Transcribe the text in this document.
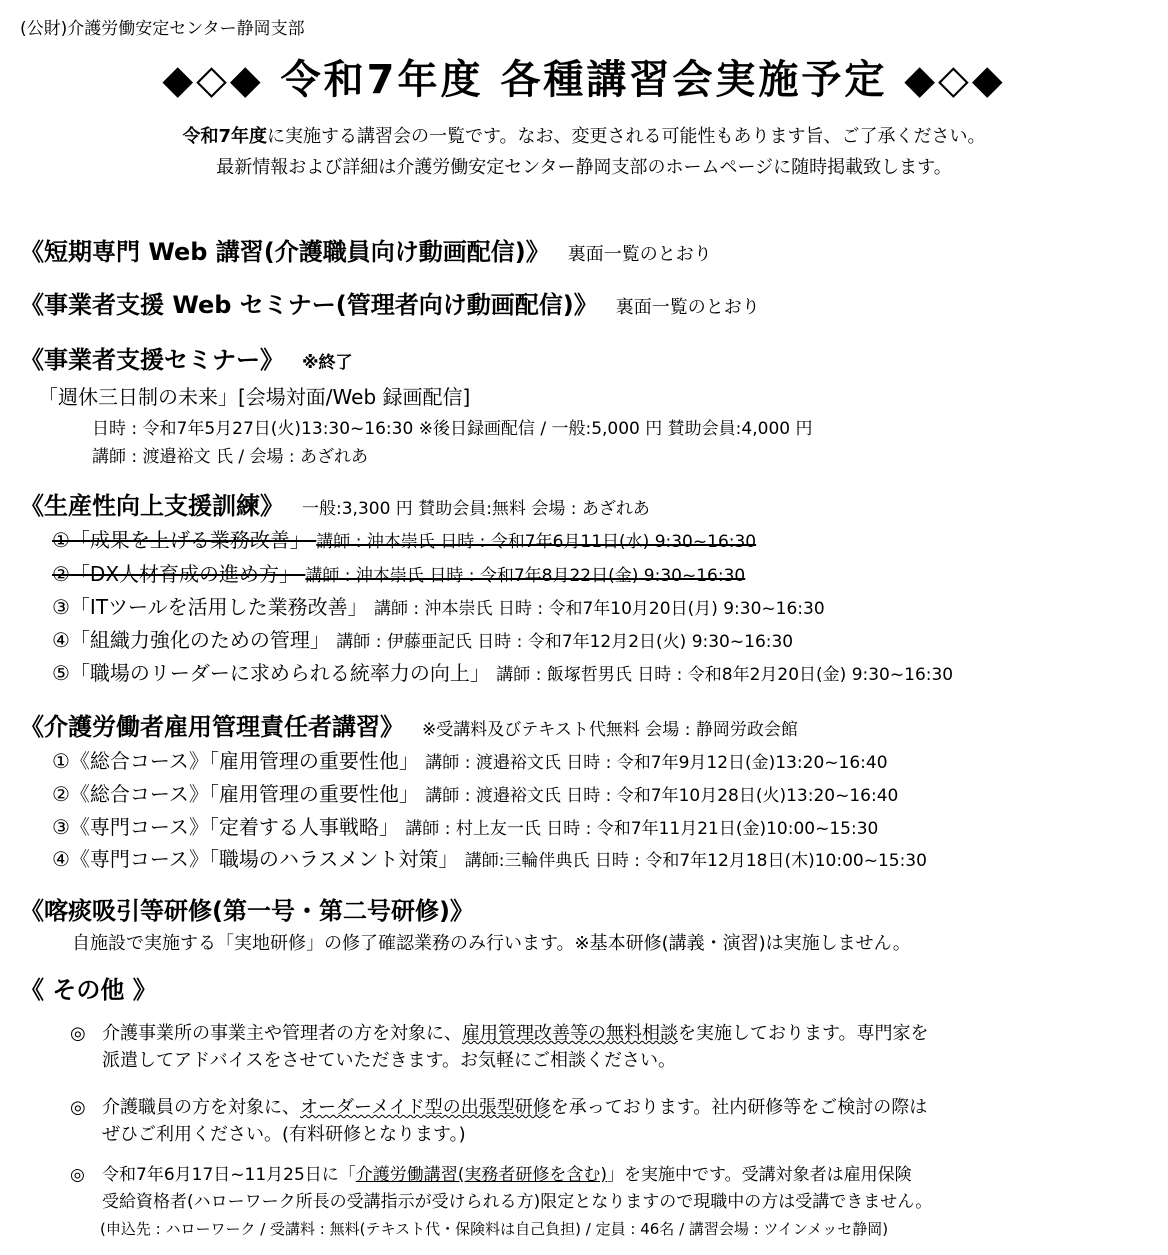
(公財)介護労働安定センター静岡支部
◆◇◆ 令和7年度 各種講習会実施予定 ◆◇◆
令和7年度に実施する講習会の一覧です。なお、変更される可能性もあります旨、ご了承ください。
最新情報および詳細は介護労働安定センター静岡支部のホームページに随時掲載致します。
《短期専門 Web 講習(介護職員向け動画配信)》 裏面一覧のとおり
《事業者支援 Web セミナー(管理者向け動画配信)》 裏面一覧のとおり
《事業者支援セミナー》 ※終了
「週休三日制の未来」[会場対面/Web 録画配信]
日時 : 令和7年5月27日(火)13:30~16:30 ※後日録画配信 / 一般:5,000 円 賛助会員:4,000 円
講師 : 渡邉裕文 氏 / 会場 : あざれあ
《生産性向上支援訓練》 一般:3,300 円 賛助会員:無料 会場 : あざれあ
①「成果を上げる業務改善」 講師 : 沖本崇氏 日時 : 令和7年6月11日(水) 9:30~16:30
②「DX人材育成の進め方」 講師 : 沖本崇氏 日時 : 令和7年8月22日(金) 9:30~16:30
③「ITツールを活用した業務改善」 講師 : 沖本崇氏 日時 : 令和7年10月20日(月) 9:30~16:30
④「組織力強化のための管理」 講師 : 伊藤亜記氏 日時 : 令和7年12月2日(火) 9:30~16:30
⑤「職場のリーダーに求められる統率力の向上」 講師 : 飯塚哲男氏 日時 : 令和8年2月20日(金) 9:30~16:30
《介護労働者雇用管理責任者講習》 ※受講料及びテキスト代無料 会場 : 静岡労政会館
①《総合コース》「雇用管理の重要性他」 講師 : 渡邉裕文氏 日時 : 令和7年9月12日(金)13:20~16:40
②《総合コース》「雇用管理の重要性他」 講師 : 渡邉裕文氏 日時 : 令和7年10月28日(火)13:20~16:40
③《専門コース》「定着する人事戦略」 講師 : 村上友一氏 日時 : 令和7年11月21日(金)10:00~15:30
④《専門コース》「職場のハラスメント対策」 講師:三輪伴典氏 日時 : 令和7年12月18日(木)10:00~15:30
《喀痰吸引等研修(第一号・第二号研修)》
自施設で実施する「実地研修」の修了確認業務のみ行います。※基本研修(講義・演習)は実施しません。
《 その他 》
◎ 介護事業所の事業主や管理者の方を対象に、雇用管理改善等の無料相談を実施しております。専門家を
派遣してアドバイスをさせていただきます。お気軽にご相談ください。
◎ 介護職員の方を対象に、オーダーメイド型の出張型研修を承っております。社内研修等をご検討の際は
ぜひご利用ください。(有料研修となります。)
◎ 令和7年6月17日~11月25日に「介護労働講習(実務者研修を含む)」を実施中です。受講対象者は雇用保険
受給資格者(ハローワーク所長の受講指示が受けられる方)限定となりますので現職中の方は受講できません。
(申込先 : ハローワーク / 受講料 : 無料(テキスト代・保険料は自己負担) / 定員 : 46名 / 講習会場 : ツインメッセ静岡)
